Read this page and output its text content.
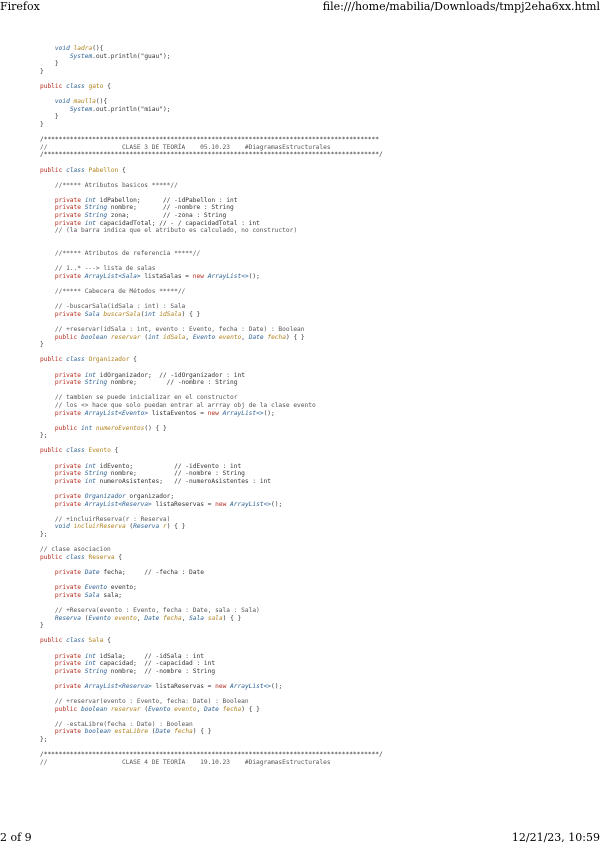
Firefox	file:///home/mabilia/Downloads/tmpj2eha6xx.html
void ladra(){
System.out.println("guau");
}
}
public class gato {
void maulla(){
System.out.println("miau");
}
}
/******************************************************************************************
//                    CLASE 3 DE TEORÍA    05.10.23    #DiagramasEstructurales
/******************************************************************************************/
public class Pabellon {
//***** Atributos basicos *****//
private int idPabellon;      // -idPabellon : int
private String nombre;       // -nombre : String
private String zona;         // -zona : String
private int capacidadTotal; // - / capacidadTotal : int
// (la barra indica que el atributo es calculado, no constructor)
//***** Atributos de referencia *****//
// 1..* ---> lista de salas
private ArrayList<Sala> listaSalas = new ArrayList<>();
//***** Cabecera de Métodos *****//
// -buscarSala(idSala : int) : Sala
private Sala buscarSala(int idSala) { }
// +reservar(idSala : int, evento : Evento, fecha : Date) : Boolean
public boolean reservar (int idSala, Evento evento, Date fecha) { }
}
public class Organizador {
private int idOrganizador;  // -idOrganizador : int
private String nombre;        // -nombre : String
// tambien se puede inicializar en el constructor
// los <> hace que solo puedan entrar al arrray obj de la clase evento
private ArrayList<Evento> listaEventos = new ArrayList<>();
public int numeroEventos() { }
};
public class Evento {
private int idEvento;           // -idEvento : int
private String nombre;          // -nombre : String
private int numeroAsistentes;   // -numeroAsistentes : int
private Organizador organizador;
private ArrayList<Reserva> listaReservas = new ArrayList<>();
// +incluirReserva(r : Reserva)
void incluirReserva (Reserva r) { }
};
// clase asociacion
public class Reserva {
private Date fecha;     // -fecha : Date
private Evento evento;
private Sala sala;
// +Reserva(evento : Evento, fecha : Date, sala : Sala)
Reserva (Evento evento, Date fecha, Sala sala) { }
}
public class Sala {
private int idSala;     // -idSala : int
private int capacidad;  // -capacidad : int
private String nombre;  // -nombre : String
private ArrayList<Reserva> listaReservas = new ArrayList<>();
// +reservar(evento : Evento, fecha: Date) : Boolean
public boolean reservar (Evento evento, Date fecha) { }
// -estaLibre(fecha : Date) : Boolean
private boolean estaLibre (Date fecha) { }
};
/******************************************************************************************/
//                    CLASE 4 DE TEORÍA    19.10.23    #DiagramasEstructurales
2 of 9	12/21/23, 10:59
